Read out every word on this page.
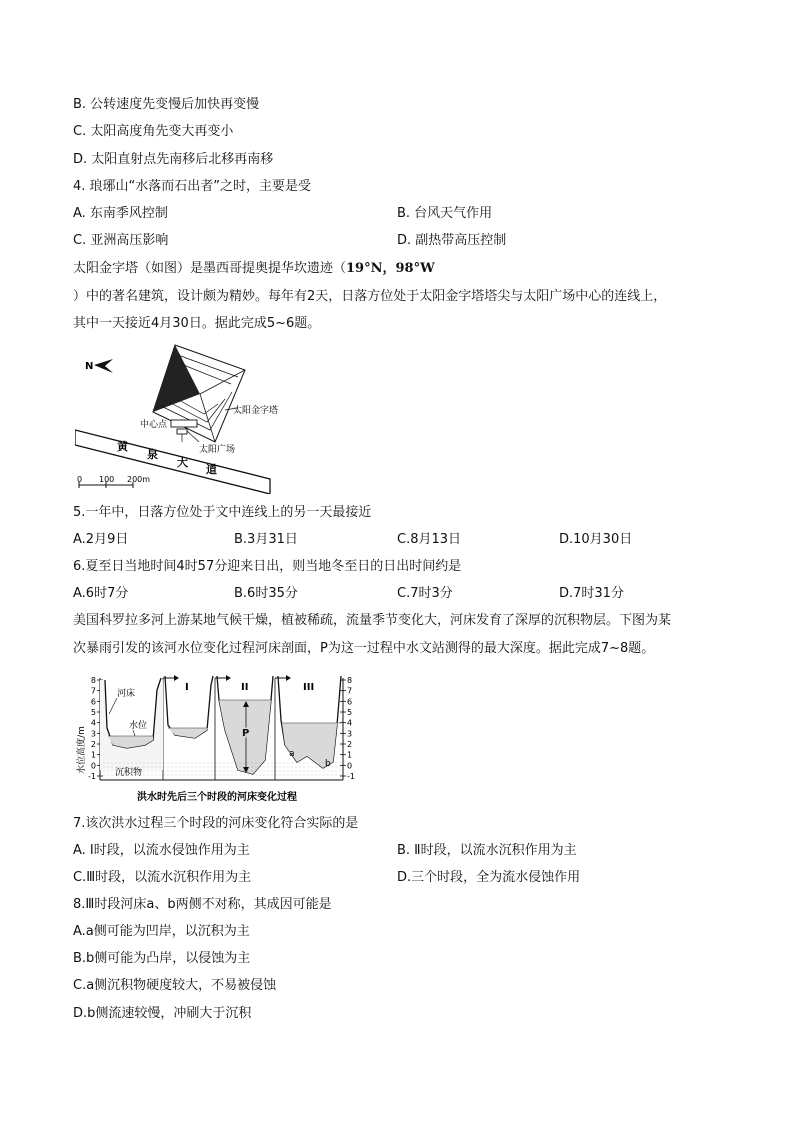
B. 公转速度先变慢后加快再变慢
C. 太阳高度角先变大再变小
D. 太阳直射点先南移后北移再南移
4. 琅琊山“水落而石出者”之时，主要是受
A. 东南季风控制	B. 台风天气作用
C. 亚洲高压影响	D. 副热带高压控制
太阳金字塔（如图）是墨西哥提奥提华坎遗迹（19°N，98°W
）中的著名建筑，设计颇为精妙。每年有2天，日落方位处于太阳金字塔塔尖与太阳广场中心的连线上，
其中一天接近4月30日。据此完成5~6题。
N
太阳金字塔
中心点
太阳广场
黄
泉
大
道
0 100 200m
5.一年中，日落方位处于文中连线上的另一天最接近
A.2月9日	B.3月31日	C.8月13日	D.10月30日
6.夏至日当地时间4时57分迎来日出，则当地冬至日的日出时间约是
A.6时7分	B.6时35分	C.7时3分	D.7时31分
美国科罗拉多河上游某地气候干燥，植被稀疏，流量季节变化大，河床发育了深厚的沉积物层。下图为某
次暴雨引发的该河水位变化过程河床剖面，P为这一过程中水文站测得的最大深度。据此完成7~8题。
水位高度/m
8
7
6
5
4
3
2
1
0
-1
8
7
6
5
4
3
2
1
0
-1
河床
水位
沉积物
I	II	III
P
a
b
洪水时先后三个时段的河床变化过程
7.该次洪水过程三个时段的河床变化符合实际的是
A. Ⅰ时段，以流水侵蚀作用为主	B. Ⅱ时段，以流水沉积作用为主
C.Ⅲ时段，以流水沉积作用为主	D.三个时段，全为流水侵蚀作用
8.Ⅲ时段河床a、b两侧不对称，其成因可能是
A.a侧可能为凹岸，以沉积为主
B.b侧可能为凸岸，以侵蚀为主
C.a侧沉积物硬度较大，不易被侵蚀
D.b侧流速较慢，冲刷大于沉积
